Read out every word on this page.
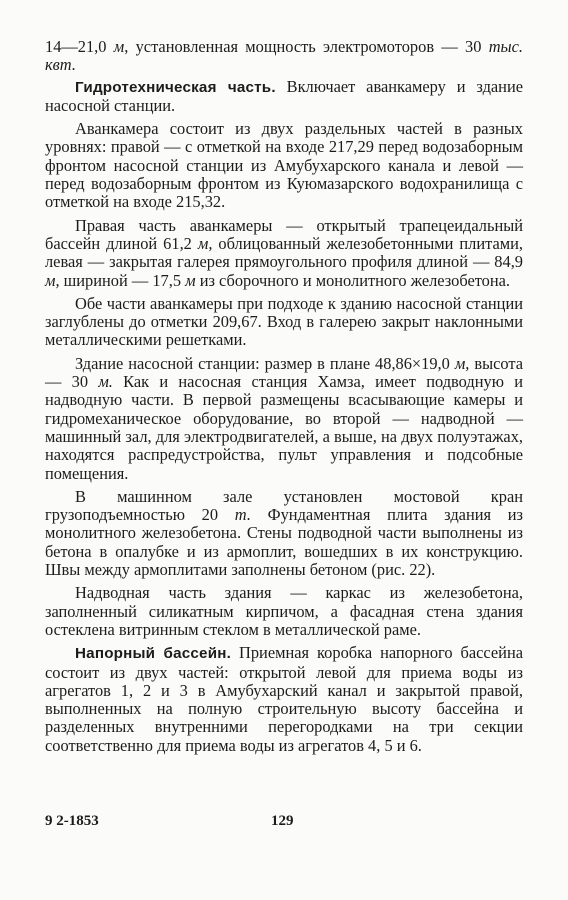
14—21,0 м, установленная мощность электромоторов — 30 тыс. квт.

Гидротехническая часть. Включает аванкамеру и здание насосной станции.

Аванкамера состоит из двух раздельных частей в разных уровнях: правой — с отметкой на входе 217,29 перед водозаборным фронтом насосной станции из Амубухарского канала и левой — перед водозаборным фронтом из Куюмазарского водохранилища с отметкой на входе 215,32.

Правая часть аванкамеры — открытый трапецеидальный бассейн длиной 61,2 м, облицованный железобетонными плитами, левая — закрытая галерея прямоугольного профиля длиной — 84,9 м, шириной — 17,5 м из сборочного и монолитного железобетона.

Обе части аванкамеры при подходе к зданию насосной станции заглублены до отметки 209,67. Вход в галерею закрыт наклонными металлическими решетками.

Здание насосной станции: размер в плане 48,86×19,0 м, высота — 30 м. Как и насосная станция Хамза, имеет подводную и надводную части. В первой размещены всасывающие камеры и гидромеханическое оборудование, во второй — надводной — машинный зал, для электродвигателей, а выше, на двух полуэтажах, находятся распредустройства, пульт управления и подсобные помещения.

В машинном зале установлен мостовой кран грузоподъемностью 20 т. Фундаментная плита здания из монолитного железобетона. Стены подводной части выполнены из бетона в опалубке и из армоплит, вошедших в их конструкцию. Швы между армоплитами заполнены бетоном (рис. 22).

Надводная часть здания — каркас из железобетона, заполненный силикатным кирпичом, а фасадная стена здания остеклена витринным стеклом в металлической раме.

Напорный бассейн. Приемная коробка напорного бассейна состоит из двух частей: открытой левой для приема воды из агрегатов 1, 2 и 3 в Амубухарский канал и закрытой правой, выполненных на полную строительную высоту бассейна и разделенных внутренними перегородками на три секции соответственно для приема воды из агрегатов 4, 5 и 6.

9 2-1853	129
